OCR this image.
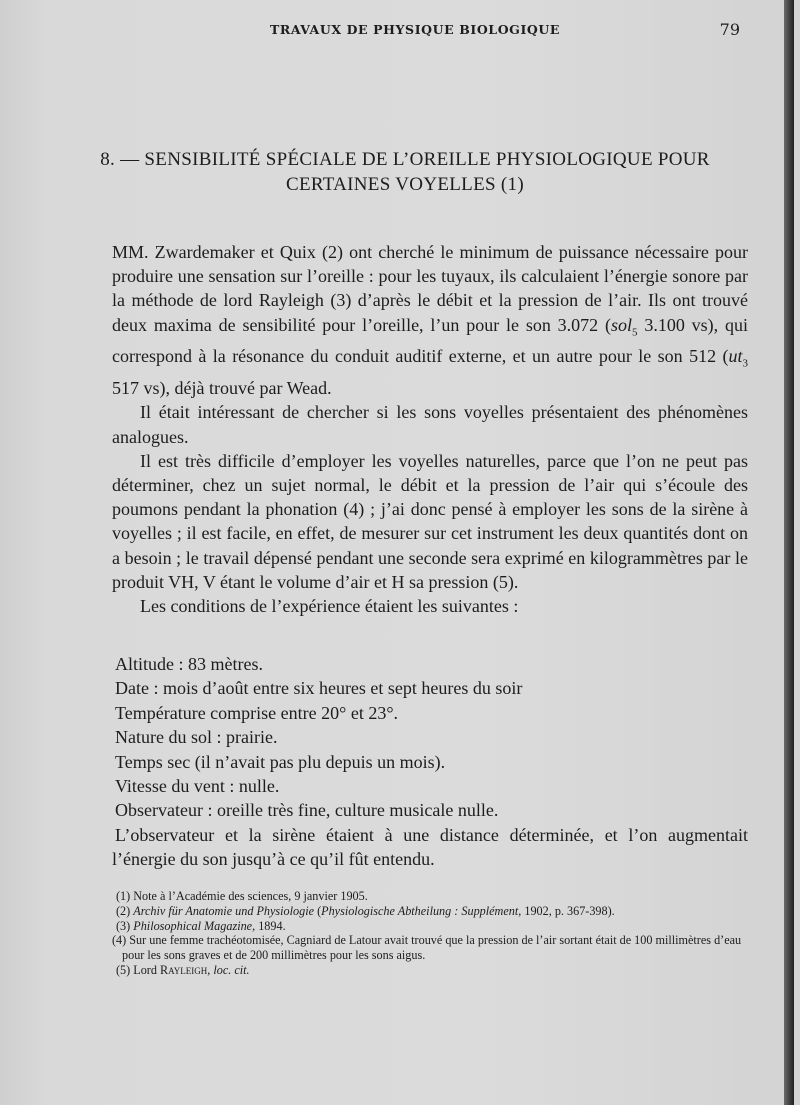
TRAVAUX DE PHYSIQUE BIOLOGIQUE	79
8. — SENSIBILITÉ SPÉCIALE DE L’OREILLE PHYSIOLOGIQUE POUR
CERTAINES VOYELLES (1)

MM. Zwardemaker et Quix (2) ont cherché le minimum de puissance nécessaire pour produire une sensation sur l’oreille : pour les tuyaux, ils calculaient l’énergie sonore par la méthode de lord Rayleigh (3) d’après le débit et la pression de l’air. Ils ont trouvé deux maxima de sensibilité pour l’oreille, l’un pour le son 3.072 (sol$_5$ 3.100 vs), qui correspond à la résonance du conduit auditif externe, et un autre pour le son 512 ($ut_3$ 517 vs), déjà trouvé par Wead.

Il était intéressant de chercher si les sons voyelles présentaient des phénomènes analogues.

Il est très difficile d’employer les voyelles naturelles, parce que l’on ne peut pas déterminer, chez un sujet normal, le débit et la pression de l’air qui s’écoule des poumons pendant la phonation (4) ; j’ai donc pensé à employer les sons de la sirène à voyelles ; il est facile, en effet, de mesurer sur cet instrument les deux quantités dont on a besoin ; le travail dépensé pendant une seconde sera exprimé en kilogrammètres par le produit VH, V étant le volume d’air et H sa pression (5).

Les conditions de l’expérience étaient les suivantes :

Altitude : 83 mètres.

Date : mois d’août entre six heures et sept heures du soir

Température comprise entre 20° et 23°.

Nature du sol : prairie.

Temps sec (il n’avait pas plu depuis un mois).

Vitesse du vent : nulle.

Observateur : oreille très fine, culture musicale nulle.

L’observateur et la sirène étaient à une distance déterminée, et l’on augmentait l’énergie du son jusqu’à ce qu’il fût entendu.

(1) Note à l’Académie des sciences, 9 janvier 1905.

(2) Archiv für Anatomie und Physiologie (Physiologische Abtheilung : Supplément, 1902, p. 367-398).

(3) Philosophical Magazine, 1894.

(4) Sur une femme trachéotomisée, Cagniard de Latour avait trouvé que la pression de l’air sortant était de 100 millimètres d’eau pour les sons graves et de 200 millimètres pour les sons aigus.

(5) Lord Rayleigh, loc. cit.
